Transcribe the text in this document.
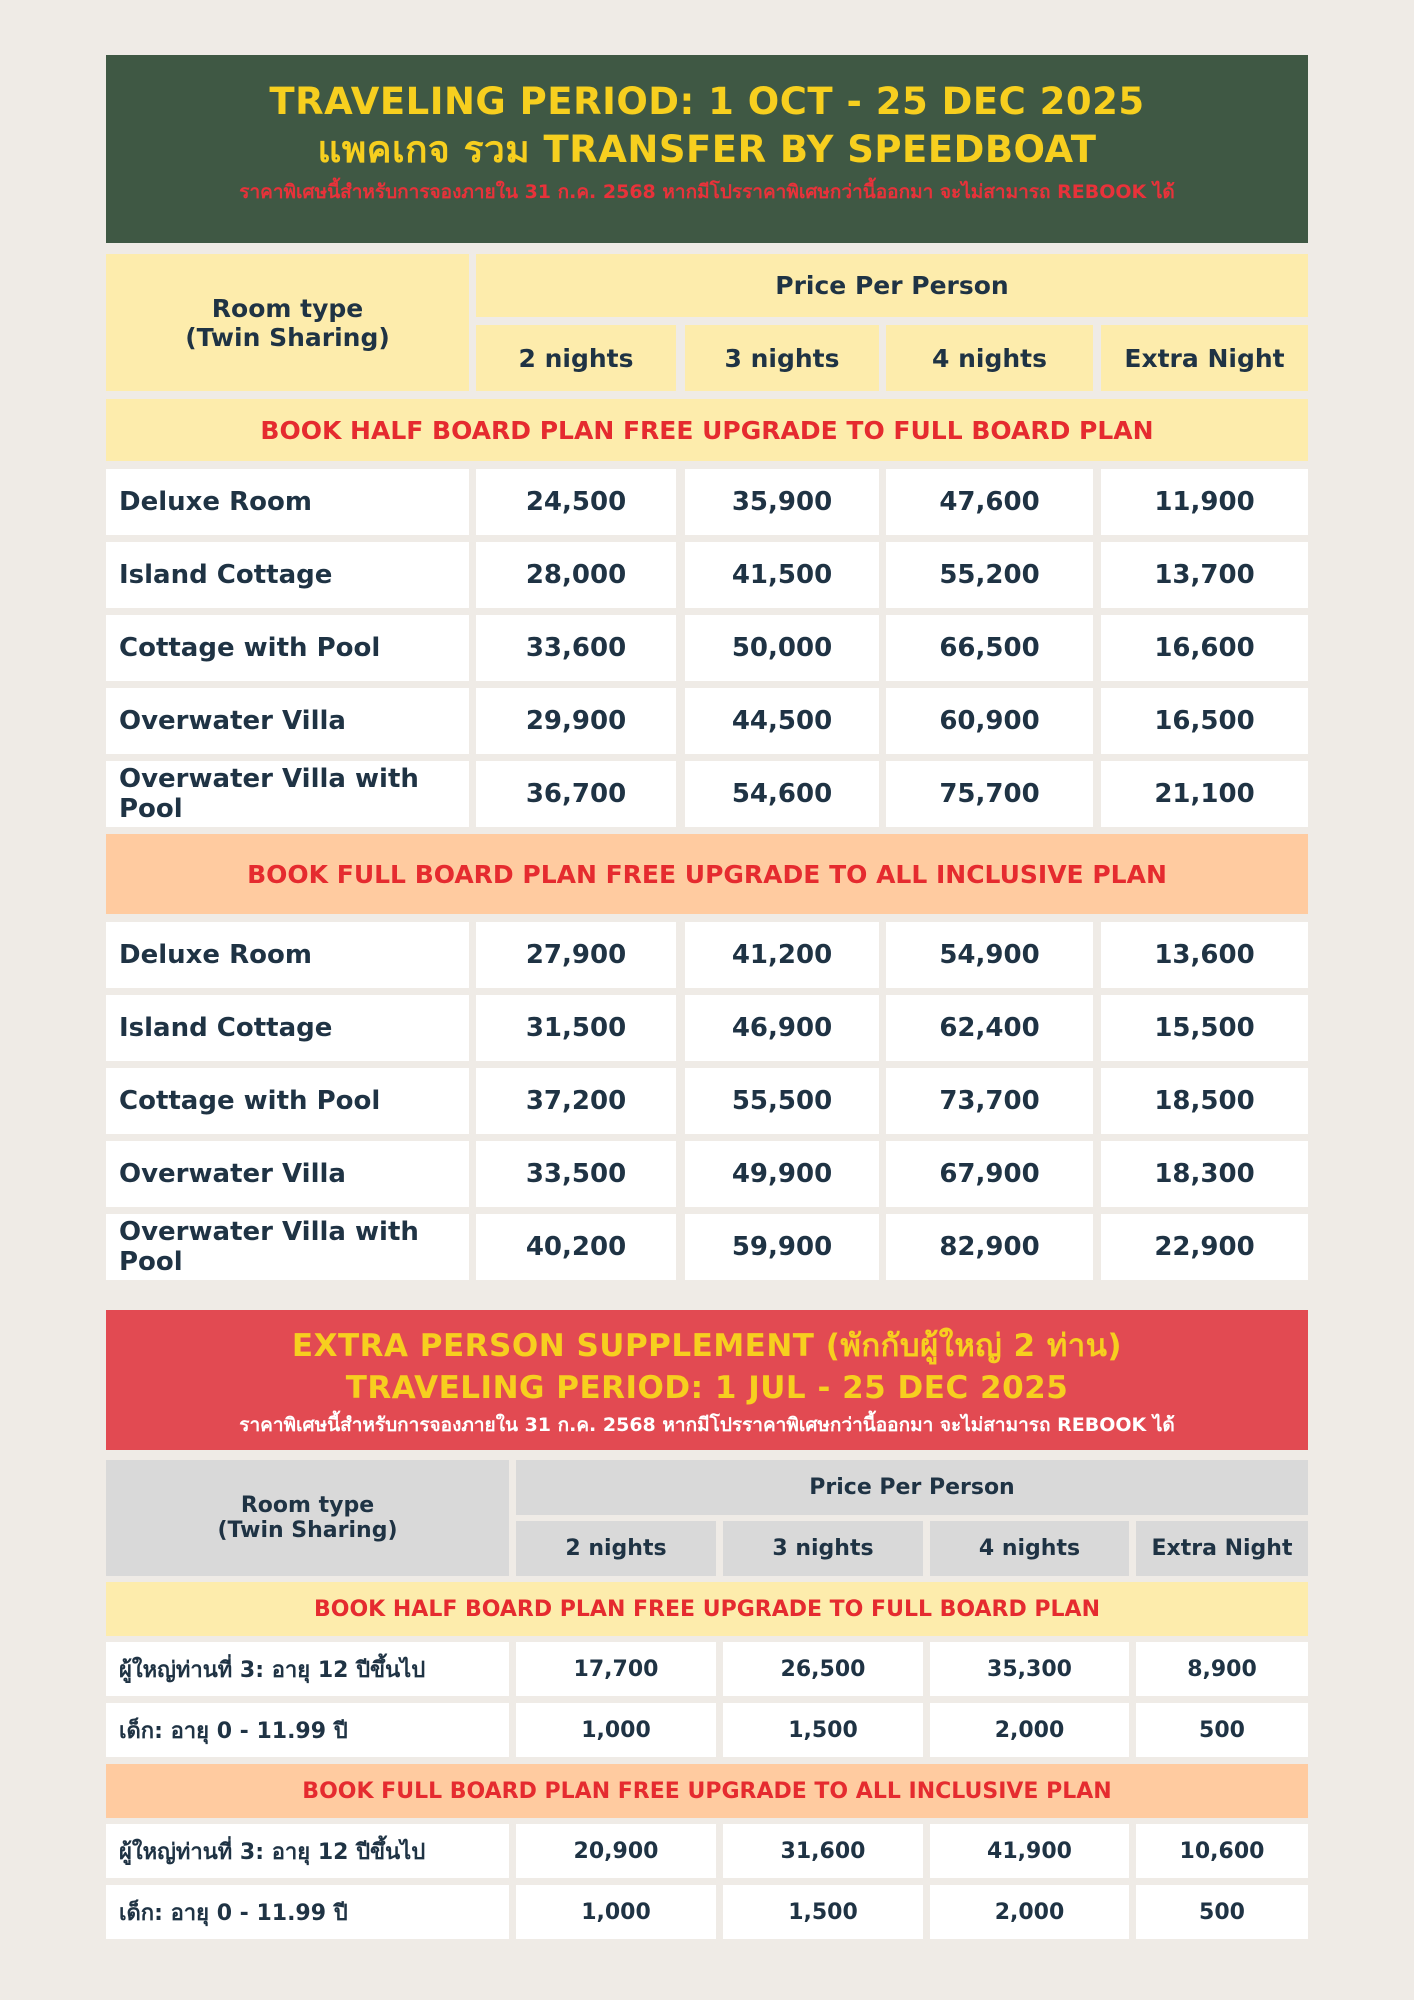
TRAVELING PERIOD: 1 OCT - 25 DEC 2025
แพคเกจ รวม TRANSFER BY SPEEDBOAT
ราคาพิเศษนี้สำหรับการจองภายใน 31 ก.ค. 2568 หากมีโปรราคาพิเศษกว่านี้ออกมา จะไม่สามารถ REBOOK ได้
Room type
(Twin Sharing)
Price Per Person
2 nights	3 nights	4 nights	Extra Night
BOOK HALF BOARD PLAN FREE UPGRADE TO FULL BOARD PLAN
Deluxe Room	24,500	35,900	47,600	11,900
Island Cottage	28,000	41,500	55,200	13,700
Cottage with Pool	33,600	50,000	66,500	16,600
Overwater Villa	29,900	44,500	60,900	16,500
Overwater Villa with Pool	36,700	54,600	75,700	21,100
BOOK FULL BOARD PLAN FREE UPGRADE TO ALL INCLUSIVE PLAN
Deluxe Room	27,900	41,200	54,900	13,600
Island Cottage	31,500	46,900	62,400	15,500
Cottage with Pool	37,200	55,500	73,700	18,500
Overwater Villa	33,500	49,900	67,900	18,300
Overwater Villa with Pool	40,200	59,900	82,900	22,900
EXTRA PERSON SUPPLEMENT (พักกับผู้ใหญ่ 2 ท่าน)
TRAVELING PERIOD: 1 JUL - 25 DEC 2025
ราคาพิเศษนี้สำหรับการจองภายใน 31 ก.ค. 2568 หากมีโปรราคาพิเศษกว่านี้ออกมา จะไม่สามารถ REBOOK ได้
Room type
(Twin Sharing)
Price Per Person
2 nights	3 nights	4 nights	Extra Night
BOOK HALF BOARD PLAN FREE UPGRADE TO FULL BOARD PLAN
ผู้ใหญ่ท่านที่ 3: อายุ 12 ปีขึ้นไป	17,700	26,500	35,300	8,900
เด็ก: อายุ 0 - 11.99 ปี	1,000	1,500	2,000	500
BOOK FULL BOARD PLAN FREE UPGRADE TO ALL INCLUSIVE PLAN
ผู้ใหญ่ท่านที่ 3: อายุ 12 ปีขึ้นไป	20,900	31,600	41,900	10,600
เด็ก: อายุ 0 - 11.99 ปี	1,000	1,500	2,000	500
